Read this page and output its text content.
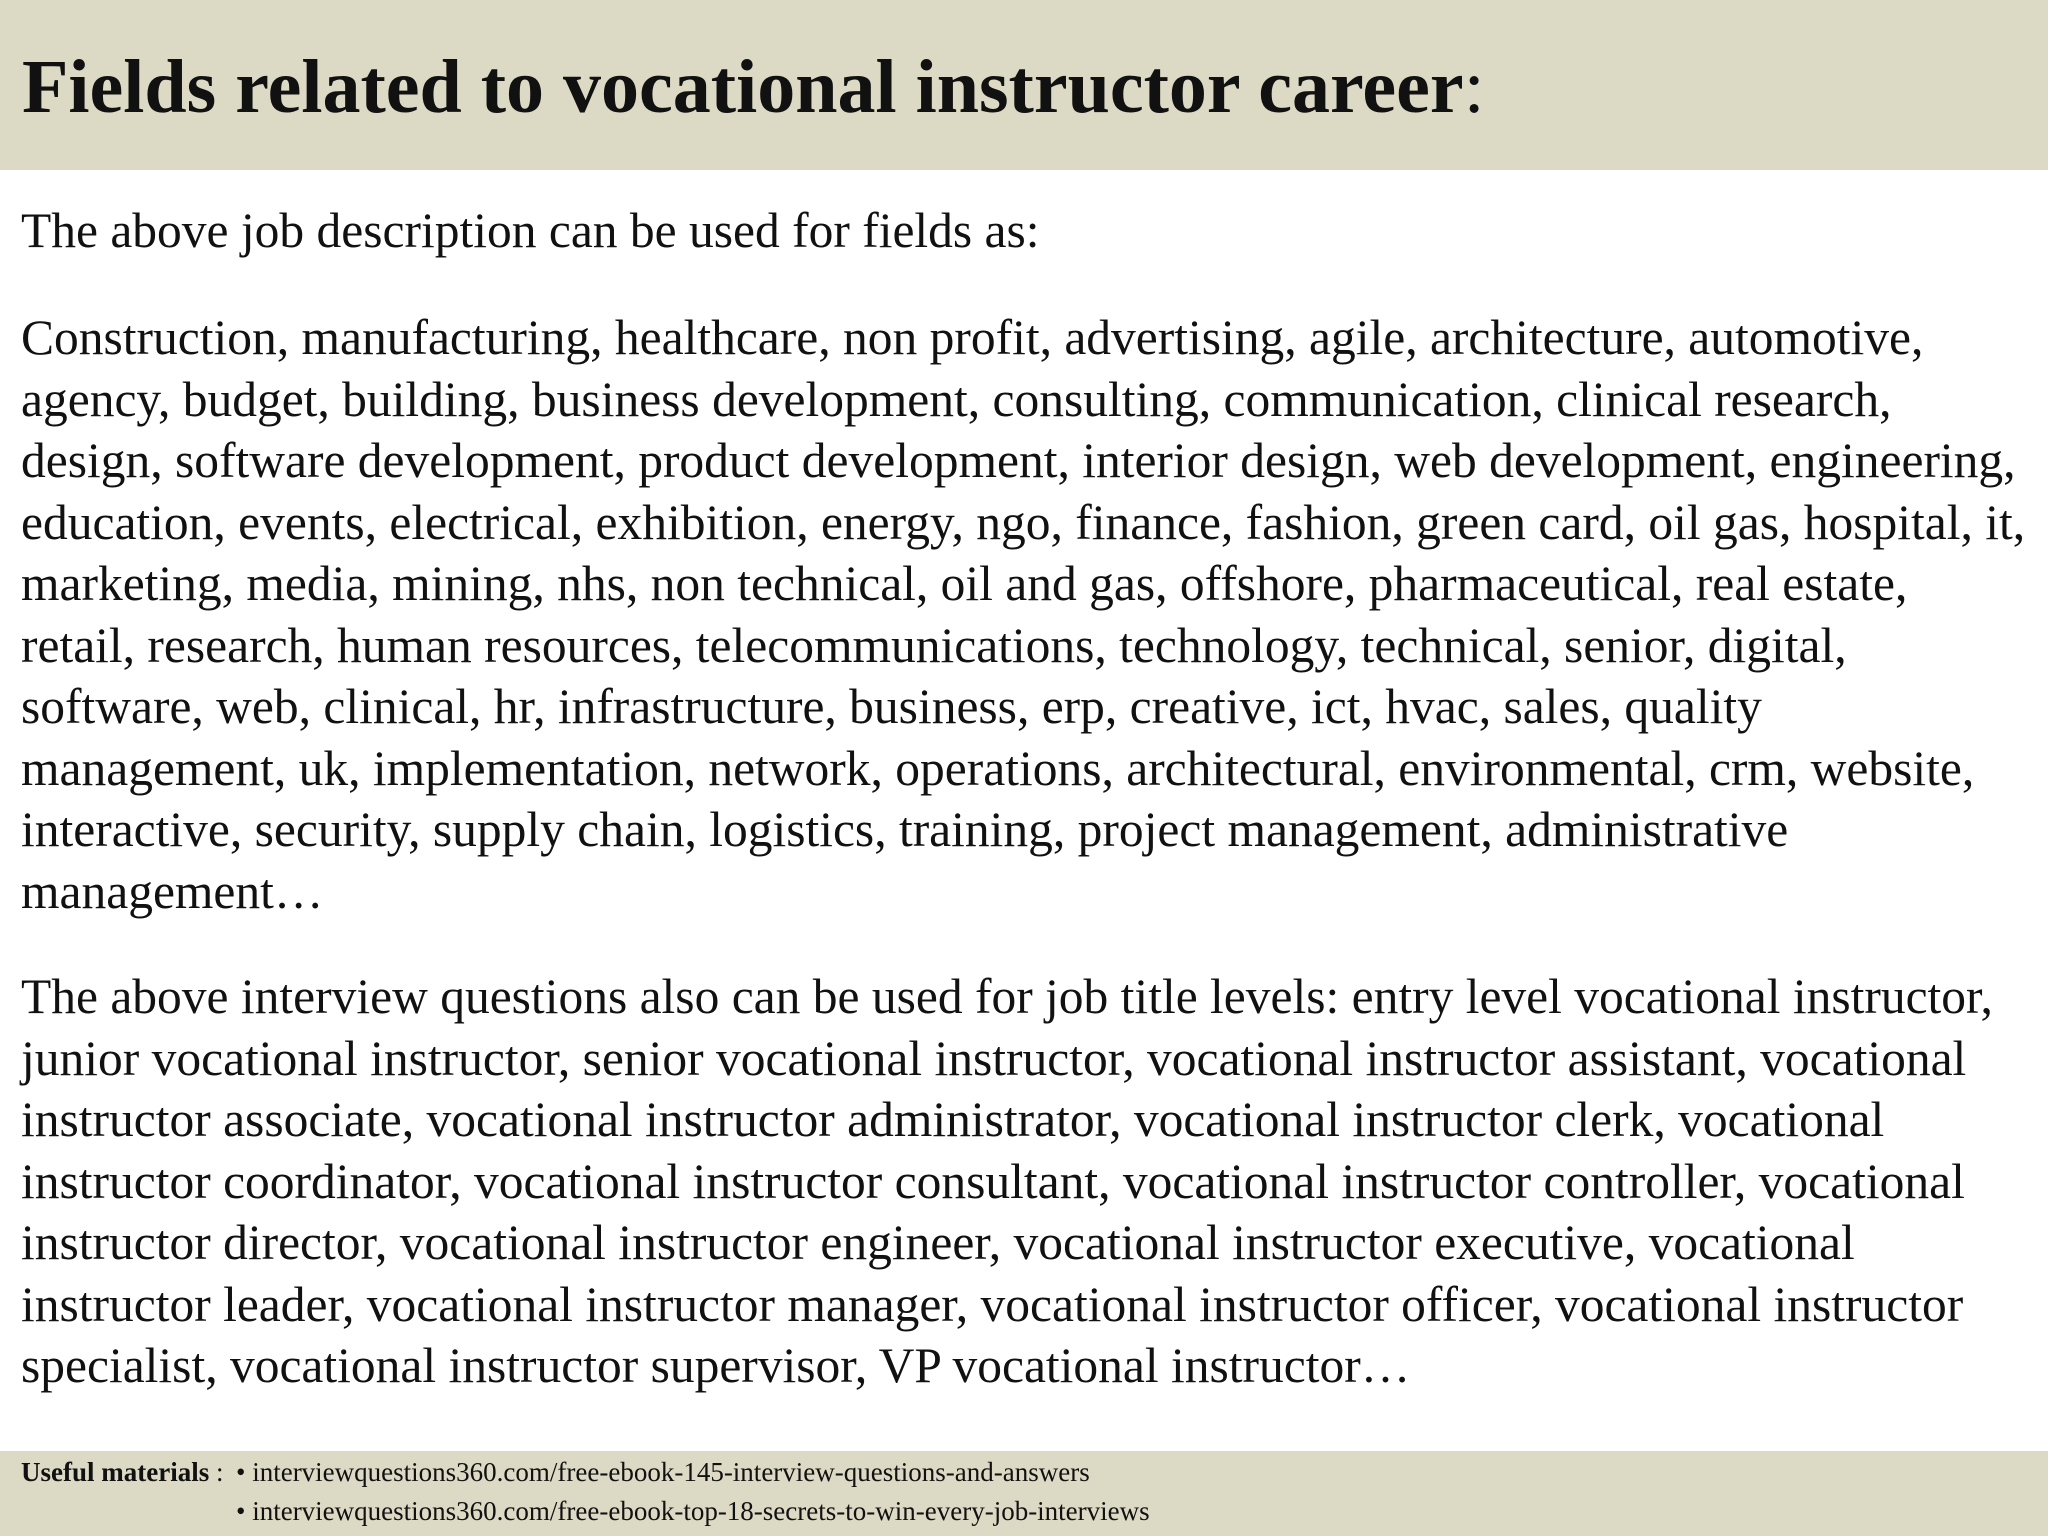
Fields related to vocational instructor career:

The above job description can be used for fields as:

Construction, manufacturing, healthcare, non profit, advertising, agile, architecture, automotive, agency, budget, building, business development, consulting, communication, clinical research, design, software development, product development, interior design, web development, engineering, education, events, electrical, exhibition, energy, ngo, finance, fashion, green card, oil gas, hospital, it, marketing, media, mining, nhs, non technical, oil and gas, offshore, pharmaceutical, real estate, retail, research, human resources, telecommunications, technology, technical, senior, digital, software, web, clinical, hr, infrastructure, business, erp, creative, ict, hvac, sales, quality management, uk, implementation, network, operations, architectural, environmental, crm, website, interactive, security, supply chain, logistics, training, project management, administrative management…

The above interview questions also can be used for job title levels: entry level vocational instructor, junior vocational instructor, senior vocational instructor, vocational instructor assistant, vocational instructor associate, vocational instructor administrator, vocational instructor clerk, vocational instructor coordinator, vocational instructor consultant, vocational instructor controller, vocational instructor director, vocational instructor engineer, vocational instructor executive, vocational instructor leader, vocational instructor manager, vocational instructor officer, vocational instructor specialist, vocational instructor supervisor, VP vocational instructor…

Useful materials : • interviewquestions360.com/free-ebook-145-interview-questions-and-answers
• interviewquestions360.com/free-ebook-top-18-secrets-to-win-every-job-interviews
